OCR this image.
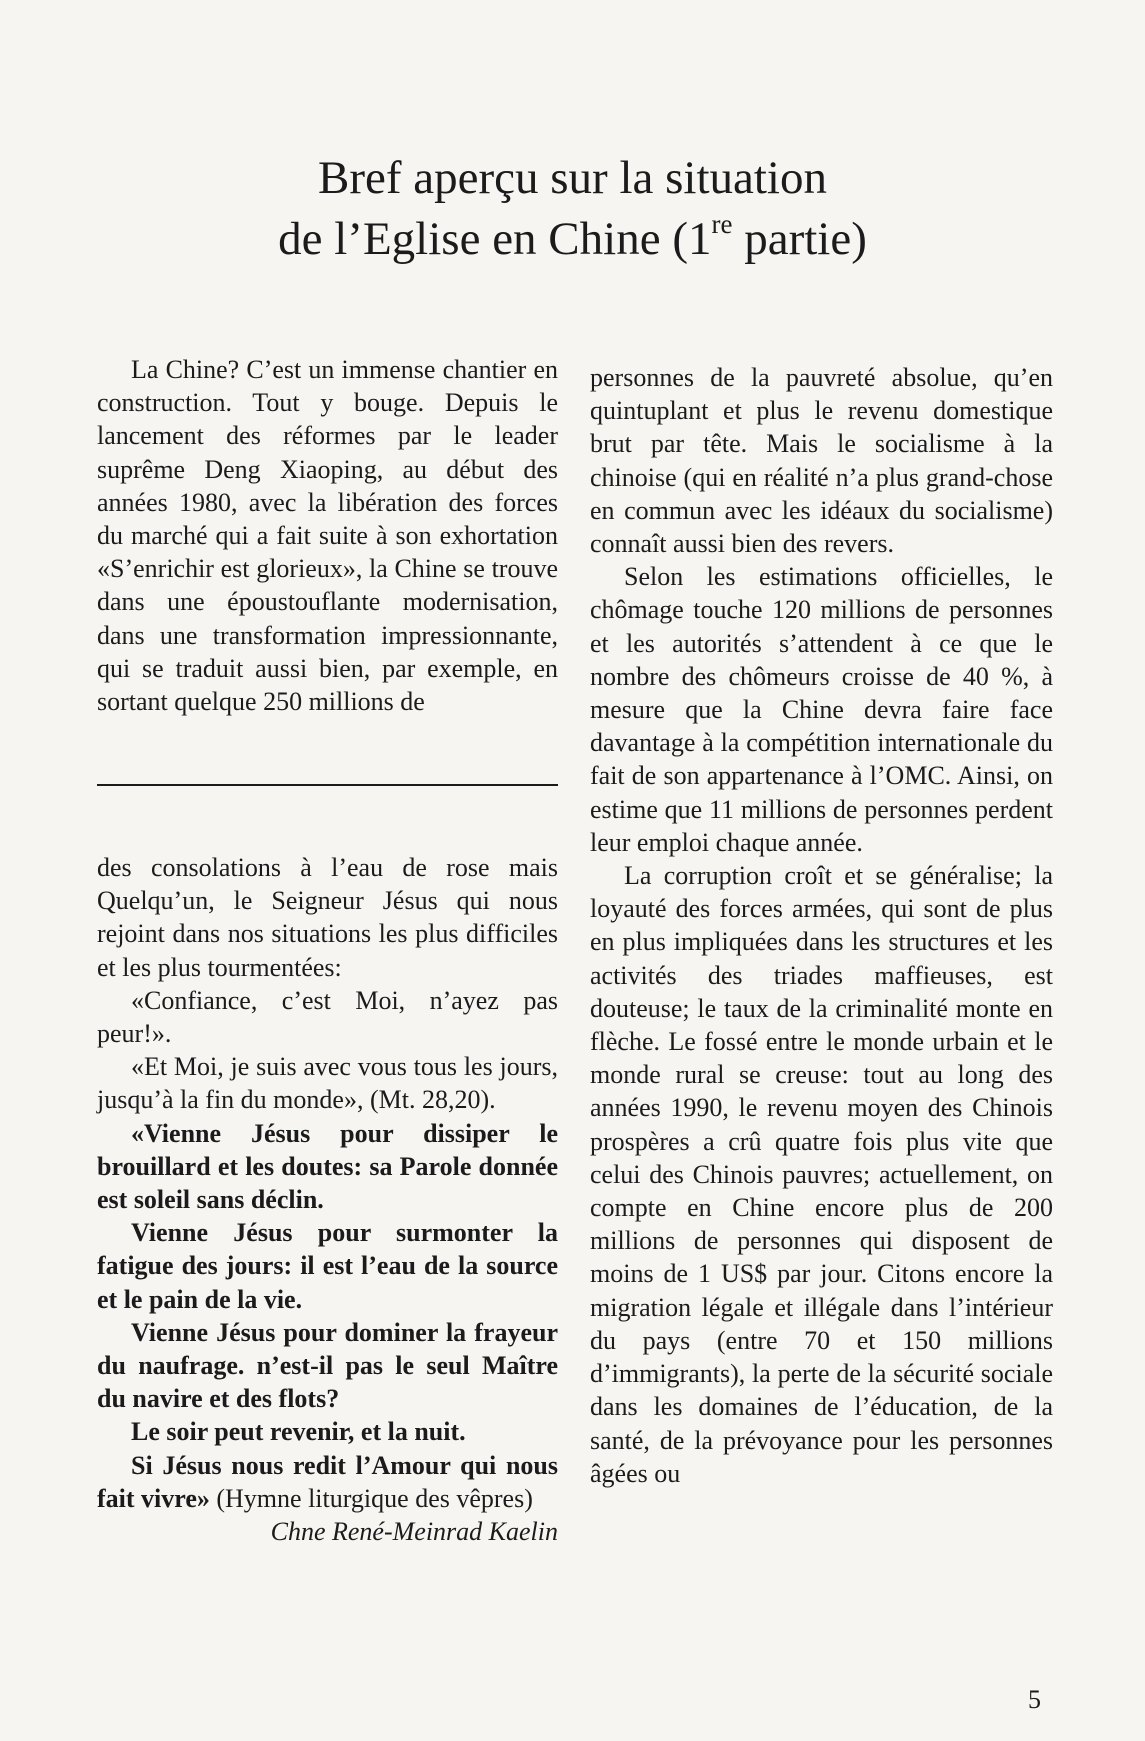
Bref aperçu sur la situation
de l’Eglise en Chine (1re partie)

La Chine? C’est un immense chantier en construction. Tout y bouge. Depuis le lancement des réformes par le leader suprême Deng Xiaoping, au début des années 1980, avec la libération des forces du marché qui a fait suite à son exhortation «S’enrichir est glorieux», la Chine se trouve dans une époustouflante modernisation, dans une transformation impressionnante, qui se traduit aussi bien, par exemple, en sortant quelque 250 millions de

des consolations à l’eau de rose mais Quelqu’un, le Seigneur Jésus qui nous rejoint dans nos situations les plus difficiles et les plus tourmentées:

«Confiance, c’est Moi, n’ayez pas peur!».

«Et Moi, je suis avec vous tous les jours, jusqu’à la fin du monde», (Mt. 28,20).

«Vienne Jésus pour dissiper le brouillard et les doutes: sa Parole donnée est soleil sans déclin.

Vienne Jésus pour surmonter la fatigue des jours: il est l’eau de la source et le pain de la vie.

Vienne Jésus pour dominer la frayeur du naufrage. n’est-il pas le seul Maître du navire et des flots?

Le soir peut revenir, et la nuit.

Si Jésus nous redit l’Amour qui nous fait vivre» (Hymne liturgique des vêpres)

Chne René-Meinrad Kaelin

personnes de la pauvreté absolue, qu’en quintuplant et plus le revenu domestique brut par tête. Mais le socialisme à la chinoise (qui en réalité n’a plus grand-chose en commun avec les idéaux du socialisme) connaît aussi bien des revers.

Selon les estimations officielles, le chômage touche 120 millions de personnes et les autorités s’attendent à ce que le nombre des chômeurs croisse de 40 %, à mesure que la Chine devra faire face davantage à la compétition internationale du fait de son appartenance à l’OMC. Ainsi, on estime que 11 millions de personnes perdent leur emploi chaque année.

La corruption croît et se généralise; la loyauté des forces armées, qui sont de plus en plus impliquées dans les structures et les activités des triades maffieuses, est douteuse; le taux de la criminalité monte en flèche. Le fossé entre le monde urbain et le monde rural se creuse: tout au long des années 1990, le revenu moyen des Chinois prospères a crû quatre fois plus vite que celui des Chinois pauvres; actuellement, on compte en Chine encore plus de 200 millions de personnes qui disposent de moins de 1 US$ par jour. Citons encore la migration légale et illégale dans l’intérieur du pays (entre 70 et 150 millions d’immigrants), la perte de la sécurité sociale dans les domaines de l’éducation, de la santé, de la prévoyance pour les personnes âgées ou

5
